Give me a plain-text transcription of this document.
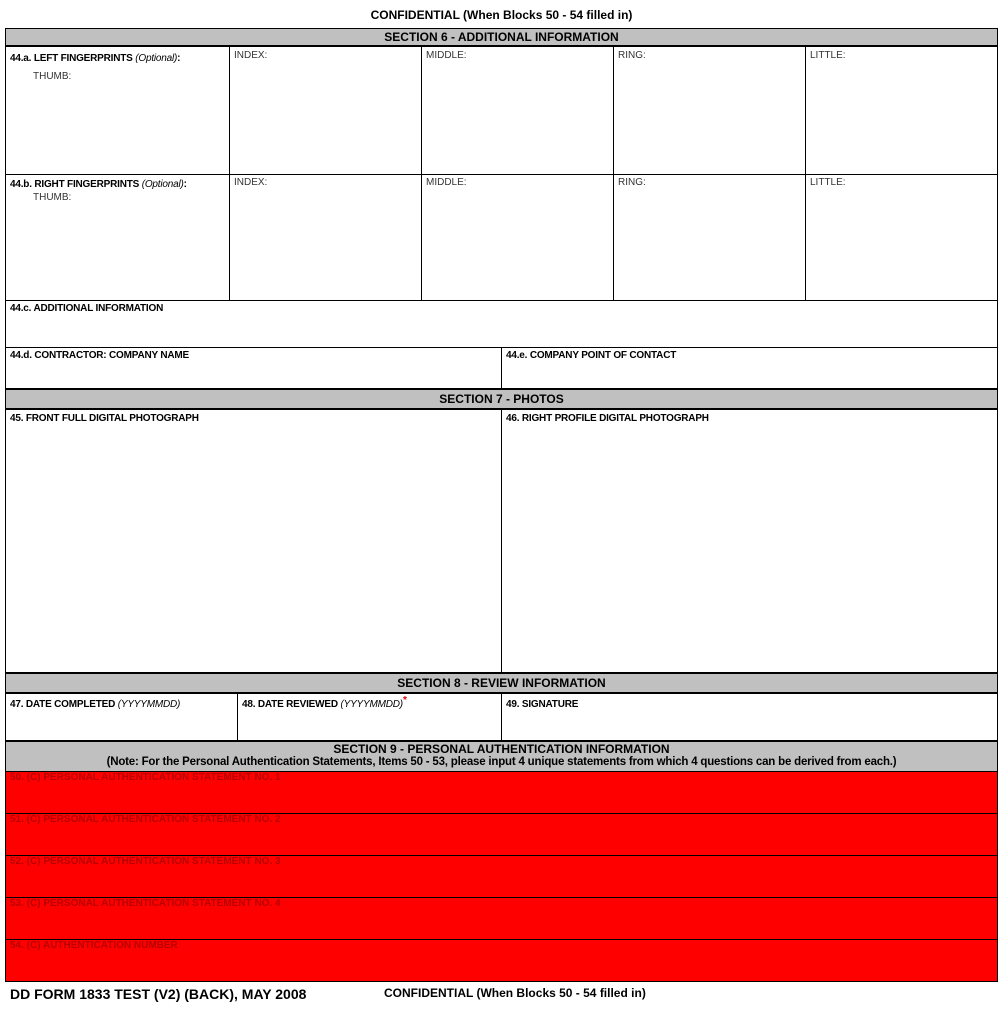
CONFIDENTIAL (When Blocks 50 - 54 filled in)
SECTION 6 - ADDITIONAL INFORMATION
44.a. LEFT FINGERPRINTS (Optional):
THUMB:
INDEX:	MIDDLE:	RING:	LITTLE:
44.b. RIGHT FINGERPRINTS (Optional):
THUMB:
INDEX:	MIDDLE:	RING:	LITTLE:
44.c. ADDITIONAL INFORMATION
44.d. CONTRACTOR: COMPANY NAME	44.e. COMPANY POINT OF CONTACT
SECTION 7 - PHOTOS
45. FRONT FULL DIGITAL PHOTOGRAPH	46. RIGHT PROFILE DIGITAL PHOTOGRAPH
SECTION 8 - REVIEW INFORMATION
47. DATE COMPLETED (YYYYMMDD)	48. DATE REVIEWED (YYYYMMDD)*	49. SIGNATURE
SECTION 9 - PERSONAL AUTHENTICATION INFORMATION
(Note: For the Personal Authentication Statements, Items 50 - 53, please input 4 unique statements from which 4 questions can be derived from each.)
50. (C) PERSONAL AUTHENTICATION STATEMENT NO. 1
51. (C) PERSONAL AUTHENTICATION STATEMENT NO. 2
52. (C) PERSONAL AUTHENTICATION STATEMENT NO. 3
53. (C) PERSONAL AUTHENTICATION STATEMENT NO. 4
54. (C) AUTHENTICATION NUMBER
DD FORM 1833 TEST (V2) (BACK), MAY 2008	CONFIDENTIAL (When Blocks 50 - 54 filled in)
